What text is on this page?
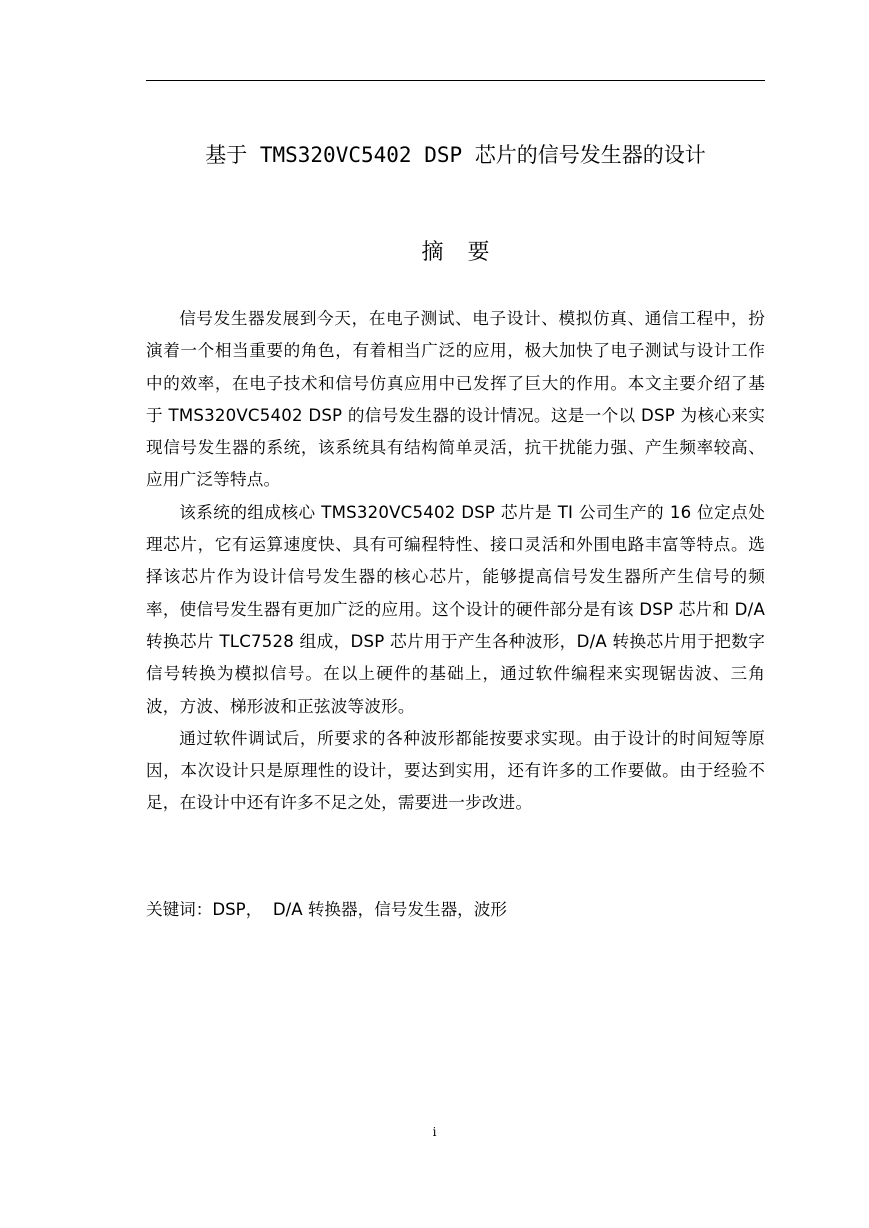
基于 TMS320VC5402 DSP 芯片的信号发生器的设计
摘要

信号发生器发展到今天，在电子测试、电子设计、模拟仿真、通信工程中，扮演着一个相当重要的角色，有着相当广泛的应用，极大加快了电子测试与设计工作中的效率，在电子技术和信号仿真应用中已发挥了巨大的作用。本文主要介绍了基于 TMS320VC5402 DSP 的信号发生器的设计情况。这是一个以 DSP 为核心来实现信号发生器的系统，该系统具有结构简单灵活，抗干扰能力强、产生频率较高、应用广泛等特点。

该系统的组成核心 TMS320VC5402 DSP 芯片是 TI 公司生产的 16 位定点处理芯片，它有运算速度快、具有可编程特性、接口灵活和外围电路丰富等特点。选择该芯片作为设计信号发生器的核心芯片，能够提高信号发生器所产生信号的频率，使信号发生器有更加广泛的应用。这个设计的硬件部分是有该 DSP 芯片和 D/A 转换芯片 TLC7528 组成，DSP 芯片用于产生各种波形，D/A 转换芯片用于把数字信号转换为模拟信号。在以上硬件的基础上，通过软件编程来实现锯齿波、三角波，方波、梯形波和正弦波等波形。

通过软件调试后，所要求的各种波形都能按要求实现。由于设计的时间短等原因，本次设计只是原理性的设计，要达到实用，还有许多的工作要做。由于经验不足，在设计中还有许多不足之处，需要进一步改进。

关键词：DSP，  D/A 转换器，信号发生器，波形
i
